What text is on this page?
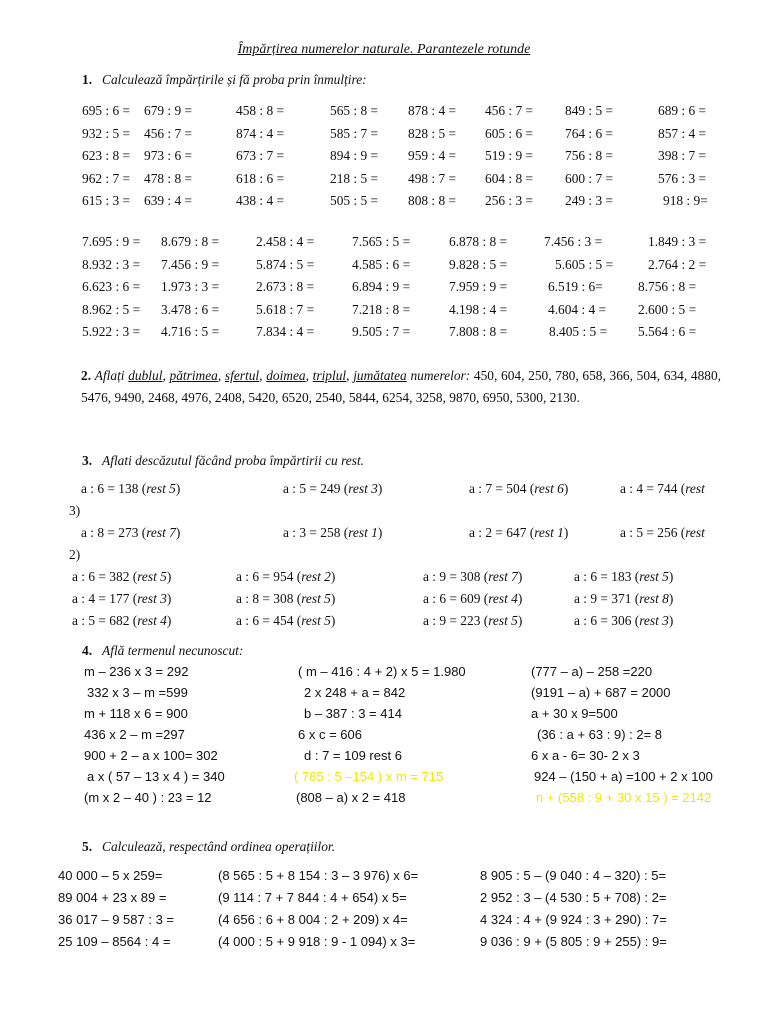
Împărțirea numerelor naturale. Parantezele rotunde
1. Calculează împărțirile și fă proba prin înmulțire:
695 : 6 = 679 : 9 =	458 : 8 =	565 : 8 = 878 : 4 = 456 : 7 = 849 : 5 =	689 : 6 =
932 : 5 = 456 : 7 =	874 : 4 =	585 : 7 = 828 : 5 = 605 : 6 = 764 : 6 =	857 : 4 =
623 : 8 = 973 : 6 =	673 : 7 =	894 : 9 = 959 : 4 = 519 : 9 = 756 : 8 =	398 : 7 =
962 : 7 = 478 : 8 =	618 : 6 =	218 : 5 = 498 : 7 = 604 : 8 = 600 : 7 =	576 : 3 =
615 : 3 = 639 : 4 =	438 : 4 =	505 : 5 = 808 : 8 = 256 : 3 = 249 : 3 =	918 : 9=
7.695 : 9 = 8.679 : 8 =	2.458 : 4 =	7.565 : 5 =	6.878 : 8 =	7.456 : 3 =	1.849 : 3 =
8.932 : 3 = 7.456 : 9 =	5.874 : 5 =	4.585 : 6 =	9.828 : 5 =	5.605 : 5 =	2.764 : 2 =
6.623 : 6 = 1.973 : 3 =	2.673 : 8 =	6.894 : 9 =	7.959 : 9 =	6.519 : 6=	8.756 : 8 =
8.962 : 5 = 3.478 : 6 =	5.618 : 7 =	7.218 : 8 =	4.198 : 4 =	4.604 : 4 = 2.600 : 5 =
5.922 : 3 = 4.716 : 5 =	7.834 : 4 =	9.505 : 7 =	7.808 : 8 =	8.405 : 5 = 5.564 : 6 =
2. Aflați dublul, pătrimea, sfertul, doimea, triplul, jumătatea numerelor: 450, 604, 250, 780, 658, 366, 504, 634, 4880, 5476, 9490, 2468, 4976, 2408, 5420, 6520, 2540, 5844, 6254, 3258, 9870, 6950, 5300, 2130.
3. Aflati descăzutul făcând proba împărtirii cu rest.
a : 6 = 138 (rest 5)	a : 5 = 249 (rest 3)	a : 7 = 504 (rest 6)	a : 4 = 744 (rest
3)
a : 8 = 273 (rest 7)	a : 3 = 258 (rest 1)	a : 2 = 647 (rest 1)	a : 5 = 256 (rest
2)
a : 6 = 382 (rest 5)	a : 6 = 954 (rest 2)	a : 9 = 308 (rest 7)	a : 6 = 183 (rest 5)
a : 4 = 177 (rest 3)	a : 8 = 308 (rest 5)	a : 6 = 609 (rest 4)	a : 9 = 371 (rest 8)
a : 5 = 682 (rest 4)	a : 6 = 454 (rest 5)	a : 9 = 223 (rest 5)	a : 6 = 306 (rest 3)
4. Află termenul necunoscut:
m – 236 x 3 = 292	( m – 416 : 4 + 2) x 5 = 1.980	(777 – a) – 258 =220
332 x 3 – m =599	2 x 248 + a = 842	(9191 – a) + 687 = 2000
m + 118 x 6 = 900	b – 387 : 3 = 414	a + 30 x 9=500
436 x 2 – m =297	6 x c = 606	(36 : a + 63 : 9) : 2= 8
900 + 2 – a x 100= 302	d : 7 = 109 rest 6	6 x a - 6= 30- 2 x 3
a x ( 57 – 13 x 4 ) = 340	( 785 : 5 –154 ) x m = 715	924 – (150 + a) =100 + 2 x 100
(m x 2 – 40 ) : 23 = 12	(808 – a) x 2 = 418	n + (558 : 9 + 30 x 15 ) = 2142
5. Calculează, respectând ordinea operațiilor.
40 000 – 5 x 259=	(8 565 : 5 + 8 154 : 3 – 3 976) x 6=	8 905 : 5 – (9 040 : 4 – 320) : 5=
89 004 + 23 x 89 =	(9 114 : 7 + 7 844 : 4 + 654) x 5=	2 952 : 3 – (4 530 : 5 + 708) : 2=
36 017 – 9 587 : 3 =	(4 656 : 6 + 8 004 : 2 + 209) x 4=	4 324 : 4 + (9 924 : 3 + 290) : 7=
25 109 – 8564 : 4 =	(4 000 : 5 + 9 918 : 9 - 1 094) x 3=	9 036 : 9 + (5 805 : 9 + 255) : 9=
